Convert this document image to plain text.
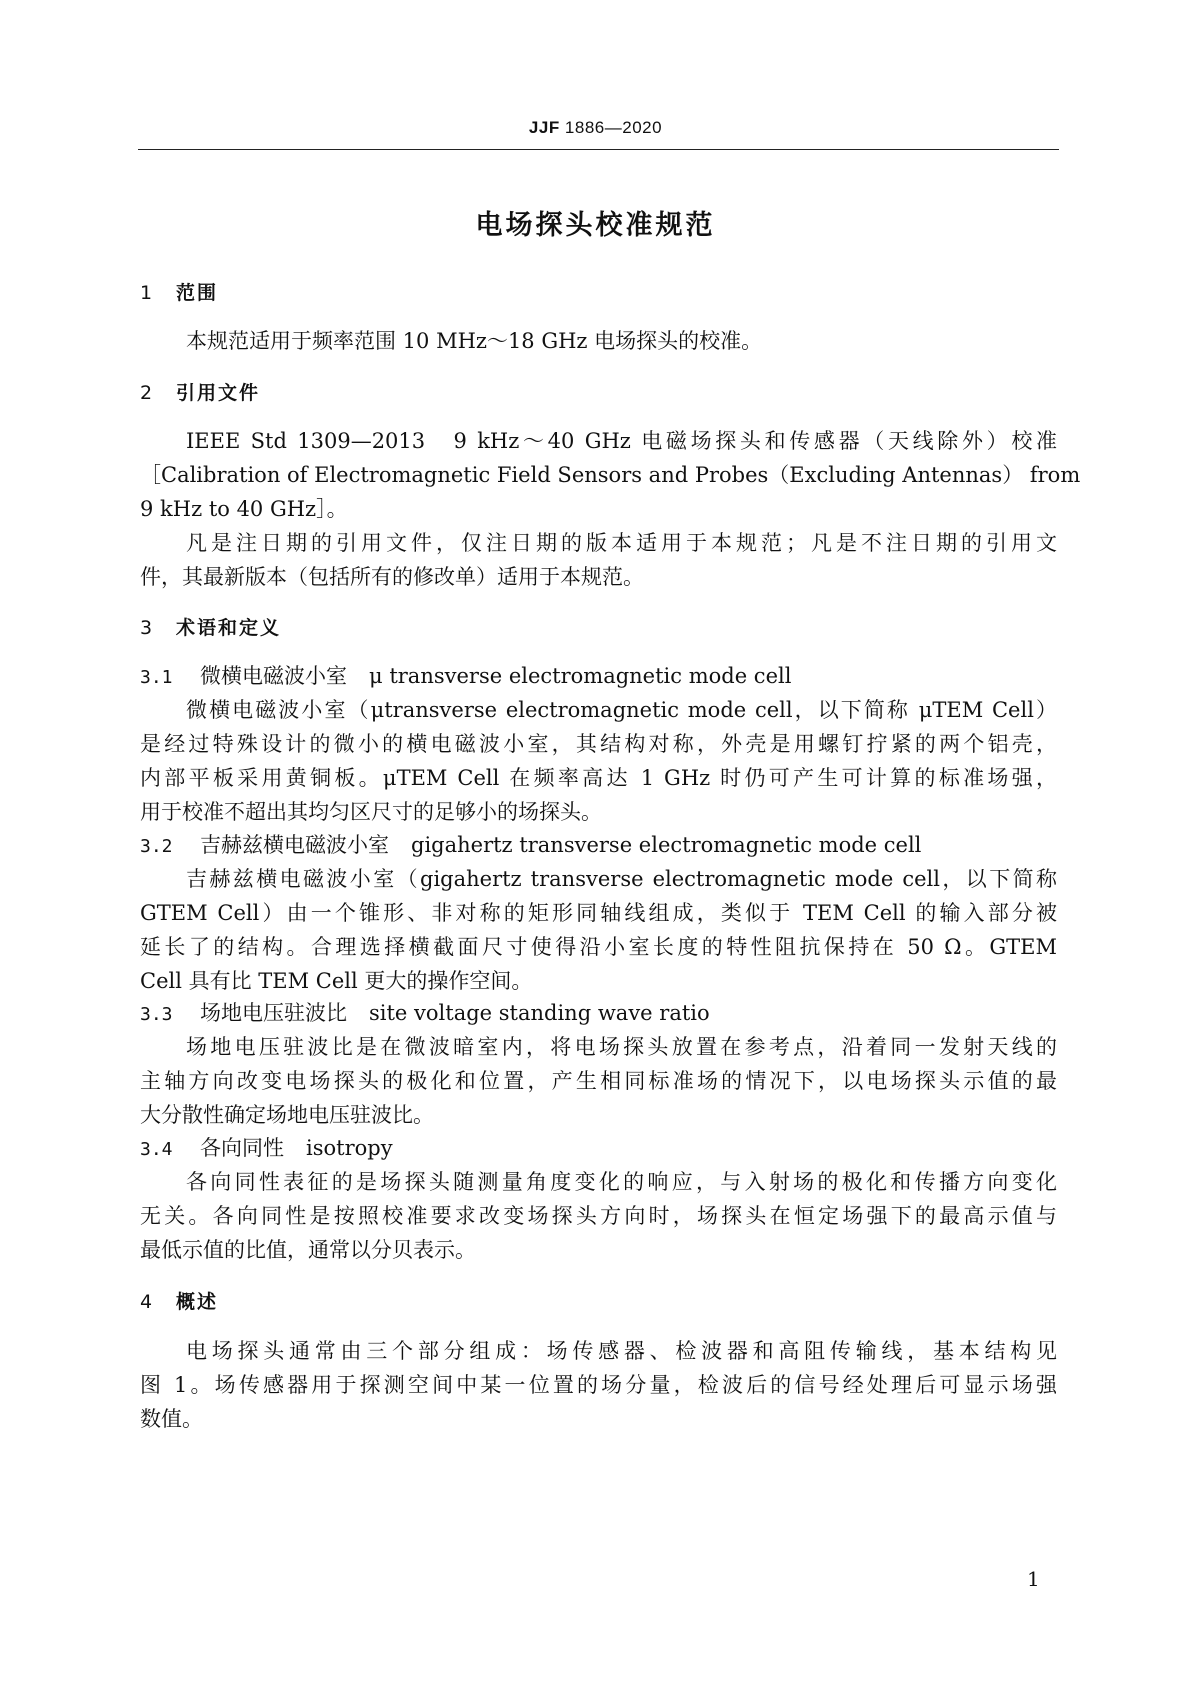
JJF 1886—2020
电场探头校准规范
1 范围
本规范适用于频率范围 10 MHz～18 GHz 电场探头的校准。
2 引用文件
IEEE Std 1309—2013　9 kHz～40 GHz 电磁场探头和传感器（天线除外）校准
［Calibration of Electromagnetic Field Sensors and Probes（Excluding Antennas） from
9 kHz to 40 GHz］。
凡是注日期的引用文件，仅注日期的版本适用于本规范；凡是不注日期的引用文
件，其最新版本（包括所有的修改单）适用于本规范。
3 术语和定义
3.1 微横电磁波小室 μ transverse electromagnetic mode cell
微横电磁波小室（μtransverse electromagnetic mode cell，以下简称 μTEM Cell）
是经过特殊设计的微小的横电磁波小室，其结构对称，外壳是用螺钉拧紧的两个铝壳，
内部平板采用黄铜板。μTEM Cell 在频率高达 1 GHz 时仍可产生可计算的标准场强，
用于校准不超出其均匀区尺寸的足够小的场探头。
3.2 吉赫兹横电磁波小室 gigahertz transverse electromagnetic mode cell
吉赫兹横电磁波小室（gigahertz transverse electromagnetic mode cell，以下简称
GTEM Cell）由一个锥形、非对称的矩形同轴线组成，类似于 TEM Cell 的输入部分被
延长了的结构。合理选择横截面尺寸使得沿小室长度的特性阻抗保持在 50 Ω。GTEM
Cell 具有比 TEM Cell 更大的操作空间。
3.3 场地电压驻波比 site voltage standing wave ratio
场地电压驻波比是在微波暗室内，将电场探头放置在参考点，沿着同一发射天线的
主轴方向改变电场探头的极化和位置，产生相同标准场的情况下，以电场探头示值的最
大分散性确定场地电压驻波比。
3.4 各向同性 isotropy
各向同性表征的是场探头随测量角度变化的响应，与入射场的极化和传播方向变化
无关。各向同性是按照校准要求改变场探头方向时，场探头在恒定场强下的最高示值与
最低示值的比值，通常以分贝表示。
4 概述
电场探头通常由三个部分组成：场传感器、检波器和高阻传输线，基本结构见
图 1。场传感器用于探测空间中某一位置的场分量，检波后的信号经处理后可显示场强
数值。
1
